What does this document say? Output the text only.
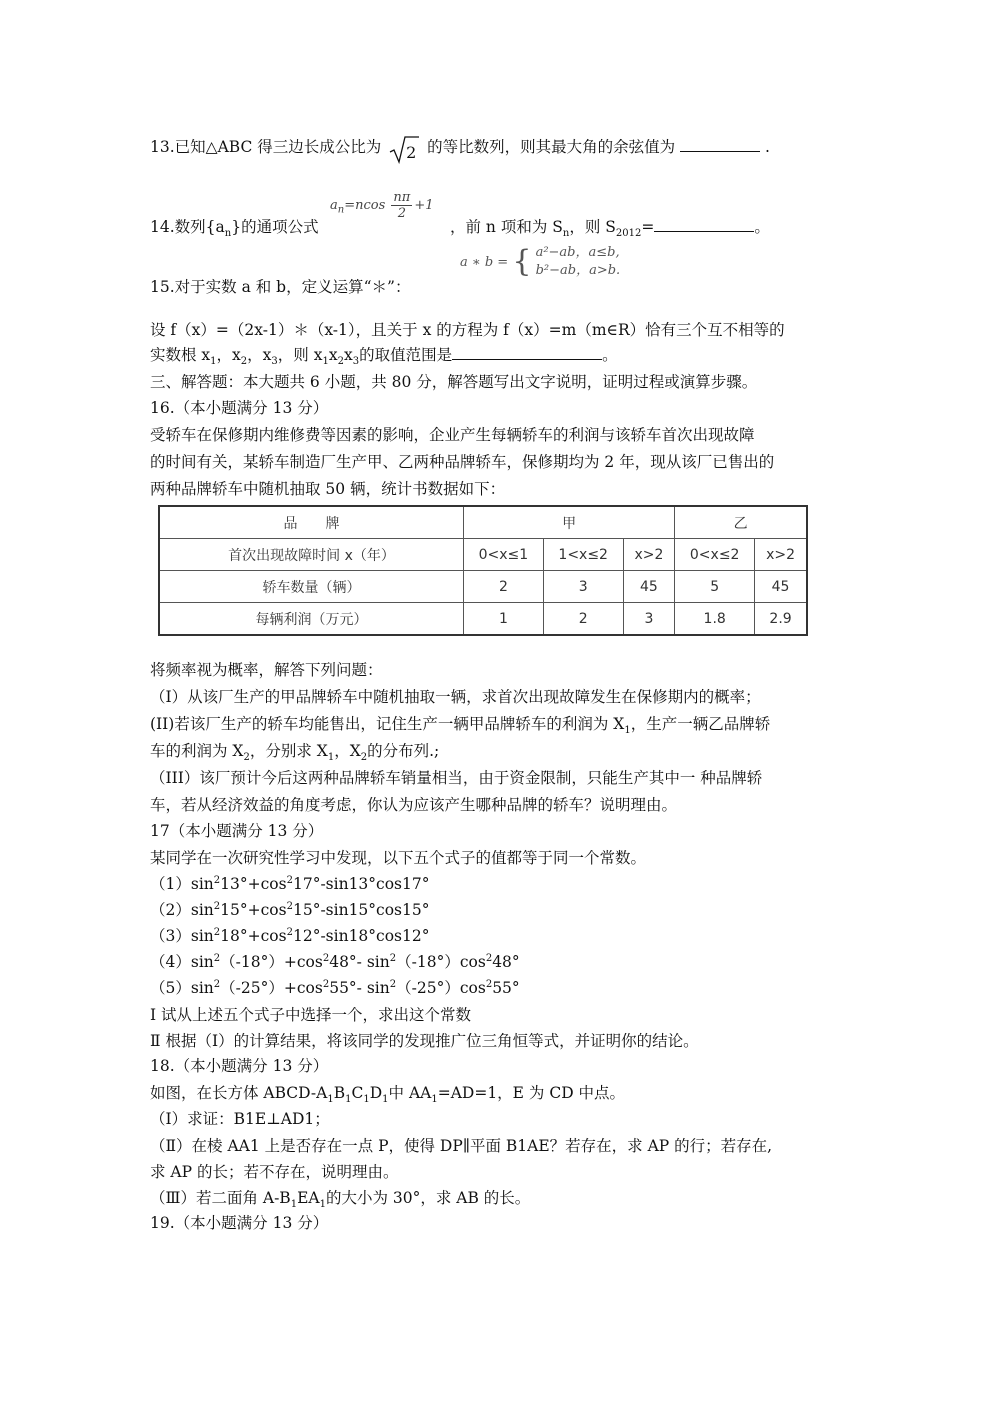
13.已知△ABC 得三边长成公比为 2 的等比数列，则其最大角的余弦值为	.
14.数列$\{a_n\}$的通项公式
$a_n=ncos \frac{n\pi}{2} +1$
，前 n 项和为 $S_n$，则 $S_{2012}=$	。
a ∗ b = { a²−ab，a≤b,
b²−ab，a>b.
15.对于实数 a 和 b，定义运算“＊”：
设 f（x）=（2x-1）＊（x-1），且关于 x 的方程为 f（x）=m（m∈R）恰有三个互不相等的
实数根 $x_1$，$x_2$，$x_3$，则 $x_1x_2x_3$的取值范围是	。
三、解答题：本大题共 6 小题，共 80 分，解答题写出文字说明，证明过程或演算步骤。
16.（本小题满分 13 分）
受轿车在保修期内维修费等因素的影响，企业产生每辆轿车的利润与该轿车首次出现故障
的时间有关，某轿车制造厂生产甲、乙两种品牌轿车，保修期均为 2 年，现从该厂已售出的
两种品牌轿车中随机抽取 50 辆，统计书数据如下：
品　　牌	甲			乙	
首次出现故障时间 x（年）	0<x≤1	1<x≤2	x>2	0<x≤2	x>2
轿车数量（辆）	2	3	45	5	45
每辆利润（万元）	1	2	3	1.8	2.9
将频率视为概率，解答下列问题：
（I）从该厂生产的甲品牌轿车中随机抽取一辆，求首次出现故障发生在保修期内的概率；
(II)若该厂生产的轿车均能售出，记住生产一辆甲品牌轿车的利润为 $X_1$，生产一辆乙品牌轿
车的利润为 $X_2$，分别求 $X_1$，$X_2$的分布列.;
（III）该厂预计今后这两种品牌轿车销量相当，由于资金限制，只能生产其中一 种品牌轿
车，若从经济效益的角度考虑，你认为应该产生哪种品牌的轿车？说明理由。
17（本小题满分 13 分）
某同学在一次研究性学习中发现，以下五个式子的值都等于同一个常数。
$(1)\sin^213^\circ+\cos^217^\circ-\sin 13^\circ\cos 17^\circ$
$(2)\sin^215^\circ+\cos^215^\circ-\sin 15^\circ\cos 15^\circ$
$(3)\sin^218^\circ+\cos^212^\circ-\sin 18^\circ\cos 12^\circ$
$(4)\sin^2(-18^\circ)+\cos^248^\circ-$ $\sin^2(-18^\circ)\cos^248^\circ$
$(5)\sin^2(-25^\circ)+\cos^255^\circ-$ $\sin^2(-25^\circ)\cos^255^\circ$
Ⅰ 试从上述五个式子中选择一个，求出这个常数
Ⅱ 根据（Ⅰ）的计算结果，将该同学的发现推广位三角恒等式，并证明你的结论。
18.（本小题满分 13 分）
如图，在长方体 ABCD-$A_1B_1C_1D_1$中 $AA_1=AD=1$，E 为 CD 中点。
（Ⅰ）求证：B1E⊥AD1；
（Ⅱ）在棱 AA1 上是否存在一点 P，使得 DP∥平面 B1AE？若存在，求 AP 的行；若存在,
求 AP 的长；若不存在，说明理由。
（Ⅲ）若二面角 $A-B_1EA_1$的大小为 30°，求 AB 的长。
19.（本小题满分 13 分）
